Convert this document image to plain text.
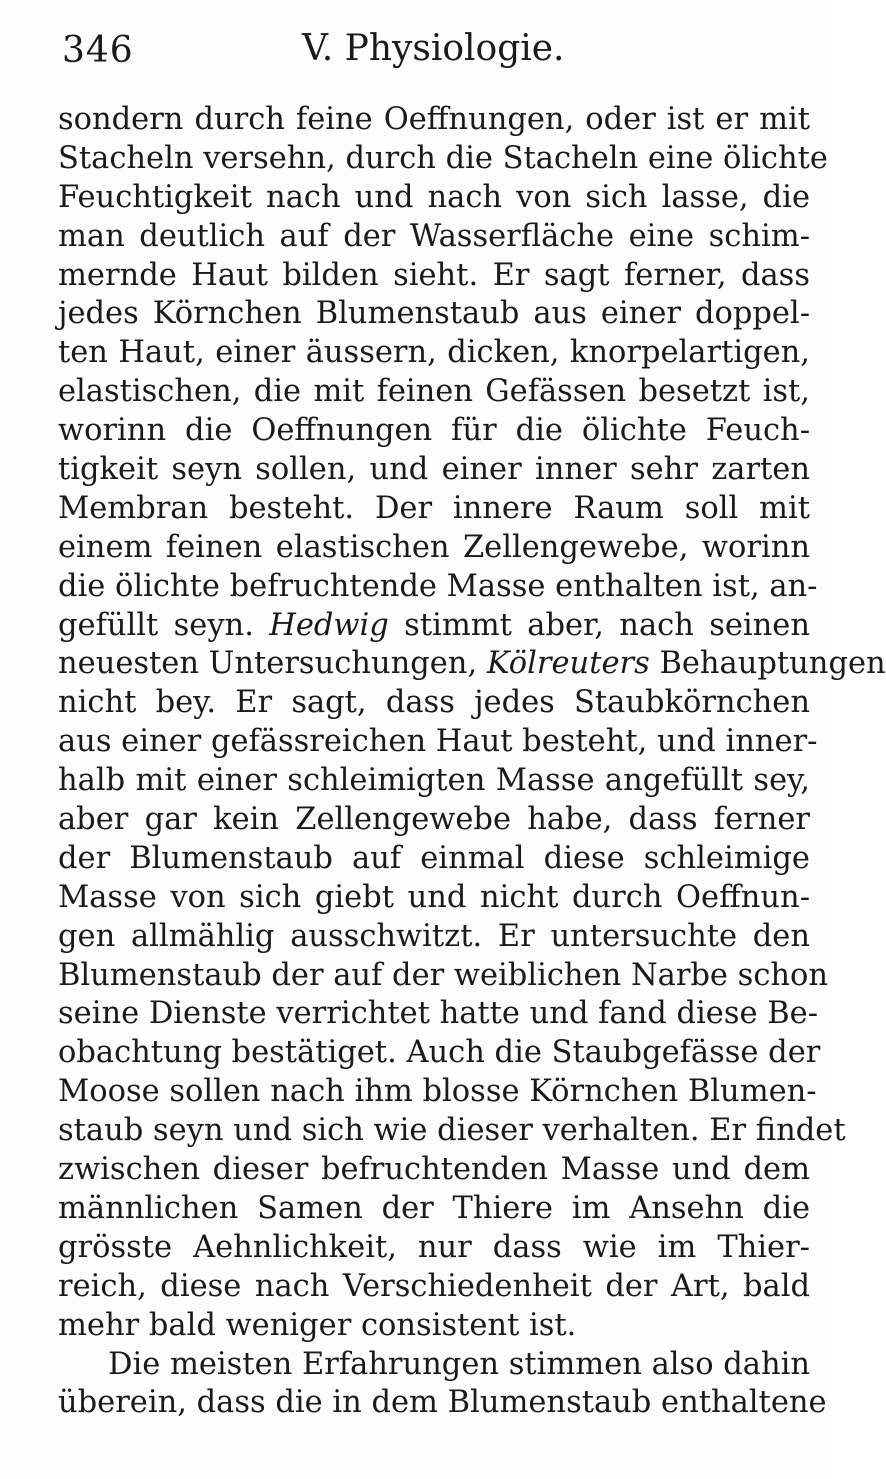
346	V. Physiologie.
sondern durch feine Oeffnungen, oder ist er mit
Stacheln versehn, durch die Stacheln eine ölichte
Feuchtigkeit nach und nach von sich lasse, die
man deutlich auf der Wasserfläche eine schim-
mernde Haut bilden sieht. Er sagt ferner, dass
jedes Körnchen Blumenstaub aus einer doppel-
ten Haut, einer äussern, dicken, knorpelartigen,
elastischen, die mit feinen Gefässen besetzt ist,
worinn die Oeffnungen für die ölichte Feuch-
tigkeit seyn sollen, und einer inner sehr zarten
Membran besteht. Der innere Raum soll mit
einem feinen elastischen Zellengewebe, worinn
die ölichte befruchtende Masse enthalten ist, an-
gefüllt seyn. Hedwig stimmt aber, nach seinen
neuesten Untersuchungen, Kölreuters Behauptungen
nicht bey. Er sagt, dass jedes Staubkörnchen
aus einer gefässreichen Haut besteht, und inner-
halb mit einer schleimigten Masse angefüllt sey,
aber gar kein Zellengewebe habe, dass ferner
der Blumenstaub auf einmal diese schleimige
Masse von sich giebt und nicht durch Oeffnun-
gen allmählig ausschwitzt. Er untersuchte den
Blumenstaub der auf der weiblichen Narbe schon
seine Dienste verrichtet hatte und fand diese Be-
obachtung bestätiget. Auch die Staubgefässe der
Moose sollen nach ihm blosse Körnchen Blumen-
staub seyn und sich wie dieser verhalten. Er findet
zwischen dieser befruchtenden Masse und dem
männlichen Samen der Thiere im Ansehn die
grösste Aehnlichkeit, nur dass wie im Thier-
reich, diese nach Verschiedenheit der Art, bald
mehr bald weniger consistent ist.
Die meisten Erfahrungen stimmen also dahin
überein, dass die in dem Blumenstaub enthaltene
